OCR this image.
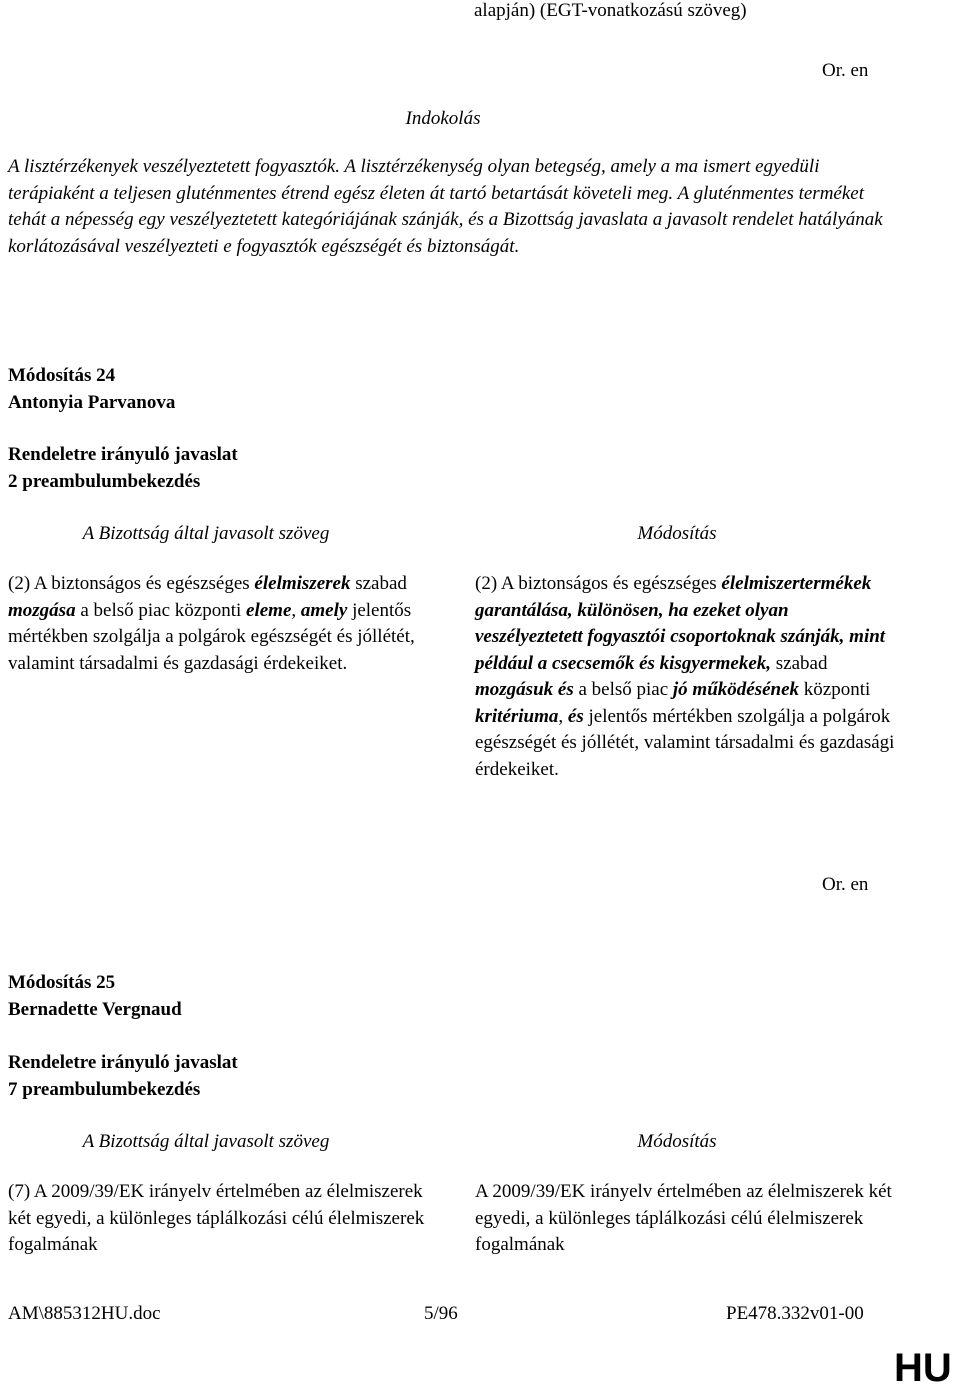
alapján) (EGT-vonatkozású szöveg)
Or. en
Indokolás

A lisztérzékenyek veszélyeztetett fogyasztók. A lisztérzékenység olyan betegség, amely a ma ismert egyedüli terápiaként a teljesen gluténmentes étrend egész életen át tartó betartását követeli meg. A gluténmentes terméket tehát a népesség egy veszélyeztetett kategóriájának szánják, és a Bizottság javaslata a javasolt rendelet hatályának korlátozásával veszélyezteti e fogyasztók egészségét és biztonságát.

Módosítás 24
Antonyia Parvanova
Rendeletre irányuló javaslat
2 preambulumbekezdés
A Bizottság által javasolt szöveg	Módosítás

(2) A biztonságos és egészséges élelmiszerek szabad mozgása a belső piac központi eleme, amely jelentős mértékben szolgálja a polgárok egészségét és jóllétét, valamint társadalmi és gazdasági érdekeiket.

(2) A biztonságos és egészséges élelmiszertermékek garantálása, különösen, ha ezeket olyan veszélyeztetett fogyasztói csoportoknak szánják, mint például a csecsemők és kisgyermekek, szabad mozgásuk és a belső piac jó működésének központi kritériuma, és jelentős mértékben szolgálja a polgárok egészségét és jóllétét, valamint társadalmi és gazdasági érdekeiket.

Or. en
Módosítás 25
Bernadette Vergnaud
Rendeletre irányuló javaslat
7 preambulumbekezdés
A Bizottság által javasolt szöveg	Módosítás

(7) A 2009/39/EK irányelv értelmében az élelmiszerek két egyedi, a különleges táplálkozási célú élelmiszerek fogalmának

A 2009/39/EK irányelv értelmében az élelmiszerek két egyedi, a különleges táplálkozási célú élelmiszerek fogalmának

AM\885312HU.doc	5/96	PE478.332v01-00
HU
